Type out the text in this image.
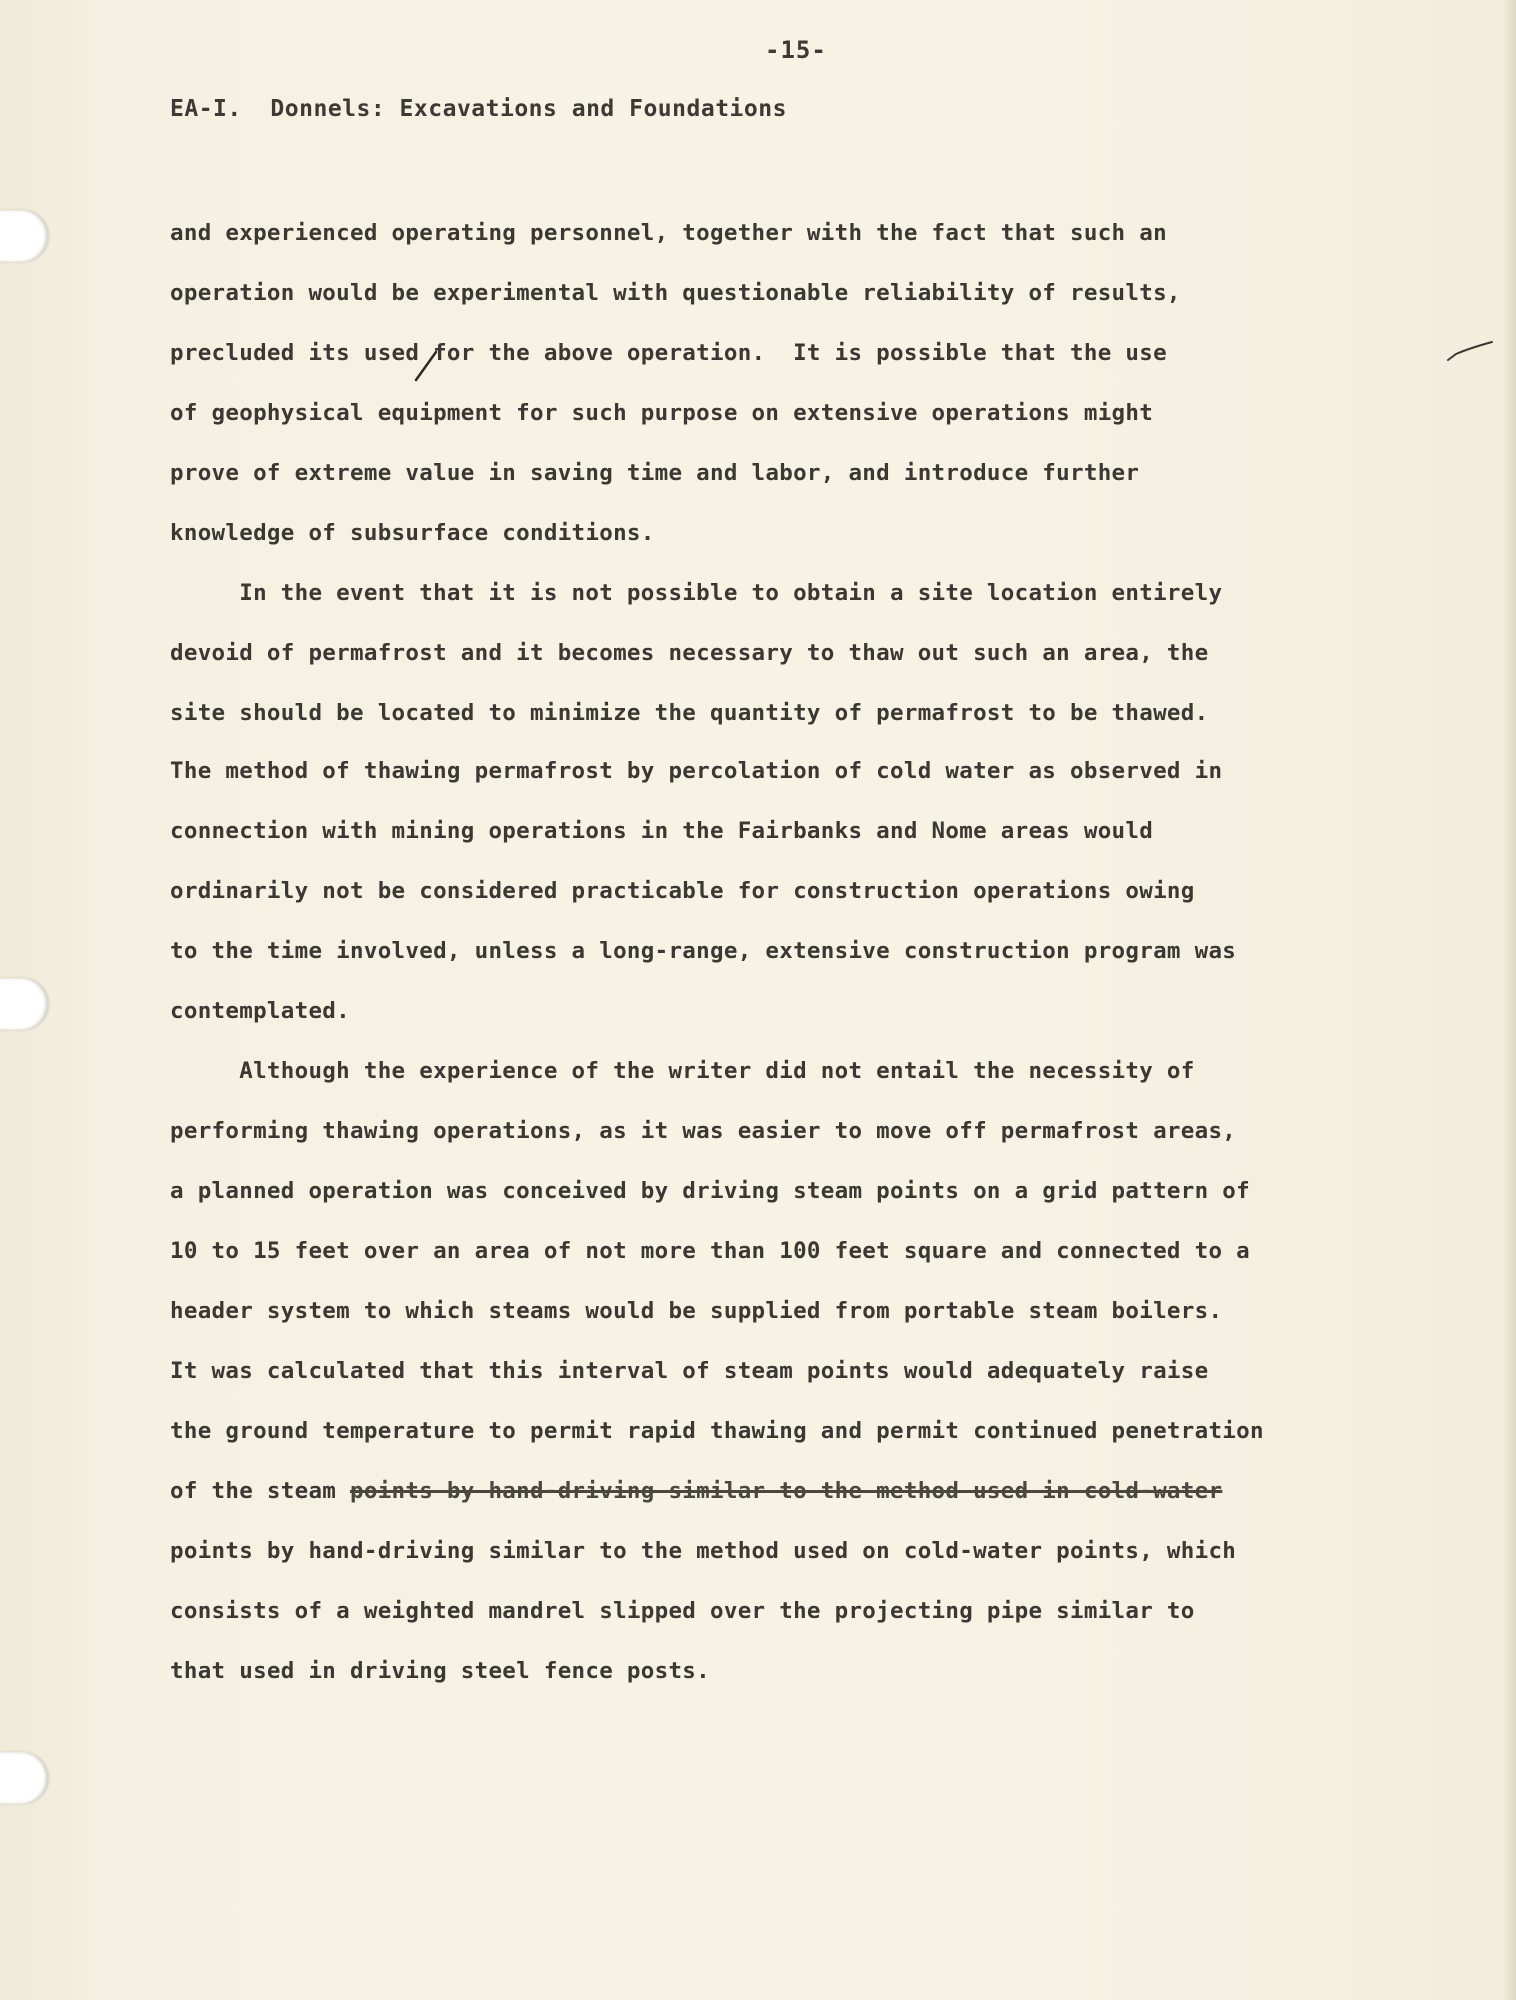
-15-
EA-I.  Donnels: Excavations and Foundations
and experienced operating personnel, together with the fact that such an
operation would be experimental with questionable reliability of results,
precluded its used for the above operation.  It is possible that the use
of geophysical equipment for such purpose on extensive operations might
prove of extreme value in saving time and labor, and introduce further
knowledge of subsurface conditions.
In the event that it is not possible to obtain a site location entirely
devoid of permafrost and it becomes necessary to thaw out such an area, the
site should be located to minimize the quantity of permafrost to be thawed.
The method of thawing permafrost by percolation of cold water as observed in
connection with mining operations in the Fairbanks and Nome areas would
ordinarily not be considered practicable for construction operations owing
to the time involved, unless a long-range, extensive construction program was
contemplated.
Although the experience of the writer did not entail the necessity of
performing thawing operations, as it was easier to move off permafrost areas,
a planned operation was conceived by driving steam points on a grid pattern of
10 to 15 feet over an area of not more than 100 feet square and connected to a
header system to which steams would be supplied from portable steam boilers.
It was calculated that this interval of steam points would adequately raise
the ground temperature to permit rapid thawing and permit continued penetration
of the steam points by hand-driving similar to the method used in cold-water
points by hand-driving similar to the method used on cold-water points, which
consists of a weighted mandrel slipped over the projecting pipe similar to
that used in driving steel fence posts.
